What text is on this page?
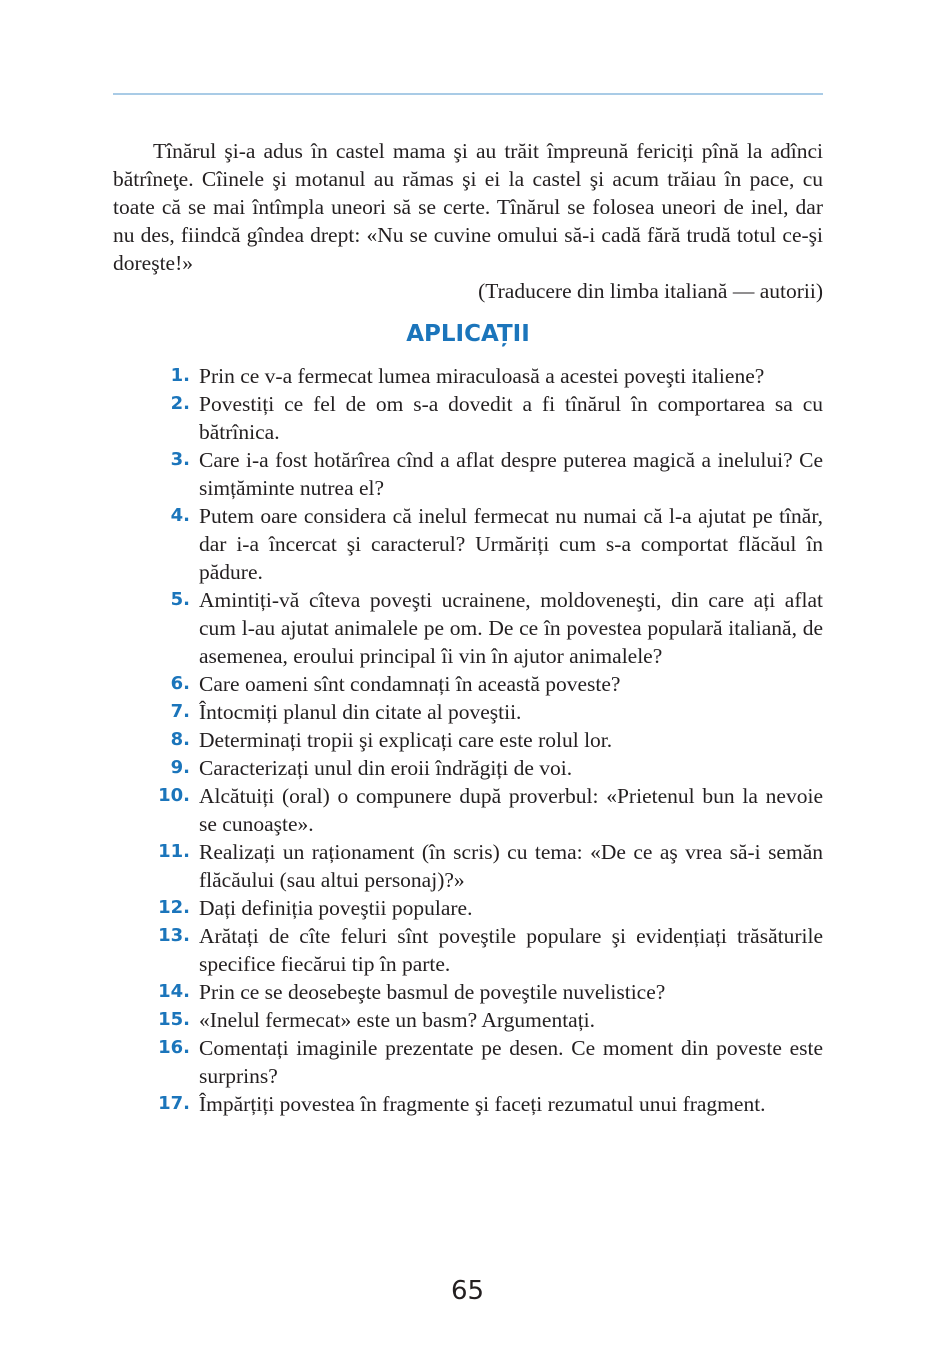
Tînărul şi-a adus în castel mama şi au trăit împreună fericiți pînă la adînci bătrîneţe. Cîinele şi motanul au rămas şi ei la castel şi acum trăiau în pace, cu toate că se mai întîmpla uneori să se certe. Tînărul se folosea uneori de inel, dar nu des, fiindcă gîndea drept: «Nu se cuvine omului să-i cadă fără trudă totul ce-şi doreşte!»

(Traducere din limba italiană — autorii)

APLICAȚII
1. Prin ce v-a fermecat lumea miraculoasă a acestei poveşti italiene?
2. Povestiți ce fel de om s-a dovedit a fi tînărul în comportarea sa cu bătrînica.
3. Care i-a fost hotărîrea cînd a aflat despre puterea magică a inelului? Ce simțăminte nutrea el?
4. Putem oare considera că inelul fermecat nu numai că l-a ajutat pe tînăr, dar i-a încercat şi caracterul? Urmăriți cum s-a comportat flăcăul în pădure.
5. Amintiți-vă cîteva poveşti ucrainene, moldoveneşti, din care ați aflat cum l-au ajutat animalele pe om. De ce în povestea populară italiană, de asemenea, eroului principal îi vin în ajutor animalele?
6. Care oameni sînt condamnați în această poveste?
7. Întocmiți planul din citate al poveştii.
8. Determinați tropii şi explicați care este rolul lor.
9. Caracterizați unul din eroii îndrăgiți de voi.
10. Alcătuiți (oral) o compunere după proverbul: «Prietenul bun la nevoie se cunoaşte».
11. Realizați un raționament (în scris) cu tema: «De ce aş vrea să-i semăn flăcăului (sau altui personaj)?»
12. Dați definiția poveştii populare.
13. Arătați de cîte feluri sînt poveştile populare şi evidențiați trăsăturile specifice fiecărui tip în parte.
14. Prin ce se deosebeşte basmul de poveştile nuvelistice?
15. «Inelul fermecat» este un basm? Argumentați.
16. Comentați imaginile prezentate pe desen. Ce moment din poveste este surprins?
17. Împărțiți povestea în fragmente şi faceți rezumatul unui fragment.
65
